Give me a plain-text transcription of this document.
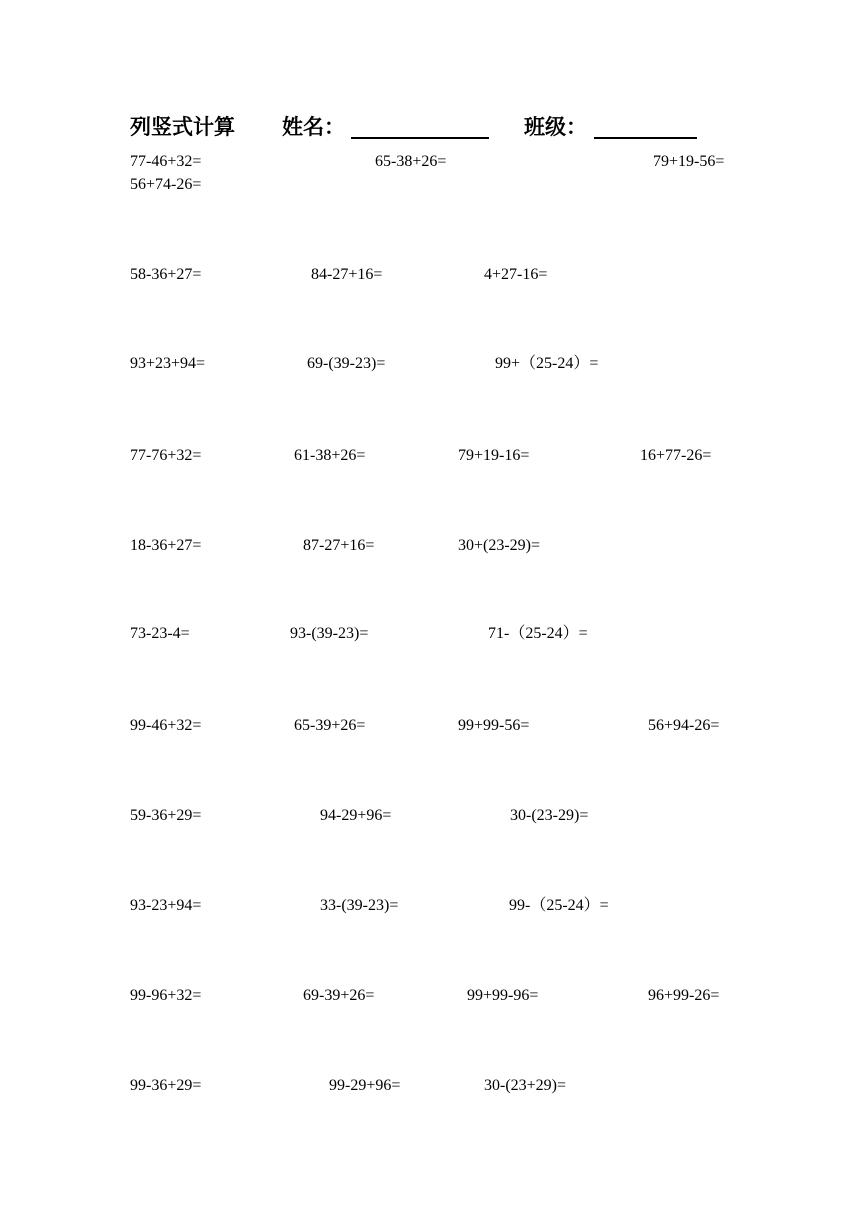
列竖式计算 姓名：	班级：
77-46+32=	65-38+26=	79+19-56=
56+74-26=
58-36+27=	84-27+16=	4+27-16=
93+23+94=	69-(39-23)=	99+（25-24）=
77-76+32=	61-38+26=	79+19-16=	16+77-26=
18-36+27=	87-27+16=	30+(23-29)=
73-23-4=	93-(39-23)=	71-（25-24）=
99-46+32=	65-39+26=	99+99-56=	56+94-26=
59-36+29=	94-29+96=	30-(23-29)=
93-23+94=	33-(39-23)=	99-（25-24）=
99-96+32=	69-39+26=	99+99-96=	96+99-26=
99-36+29=	99-29+96=	30-(23+29)=
